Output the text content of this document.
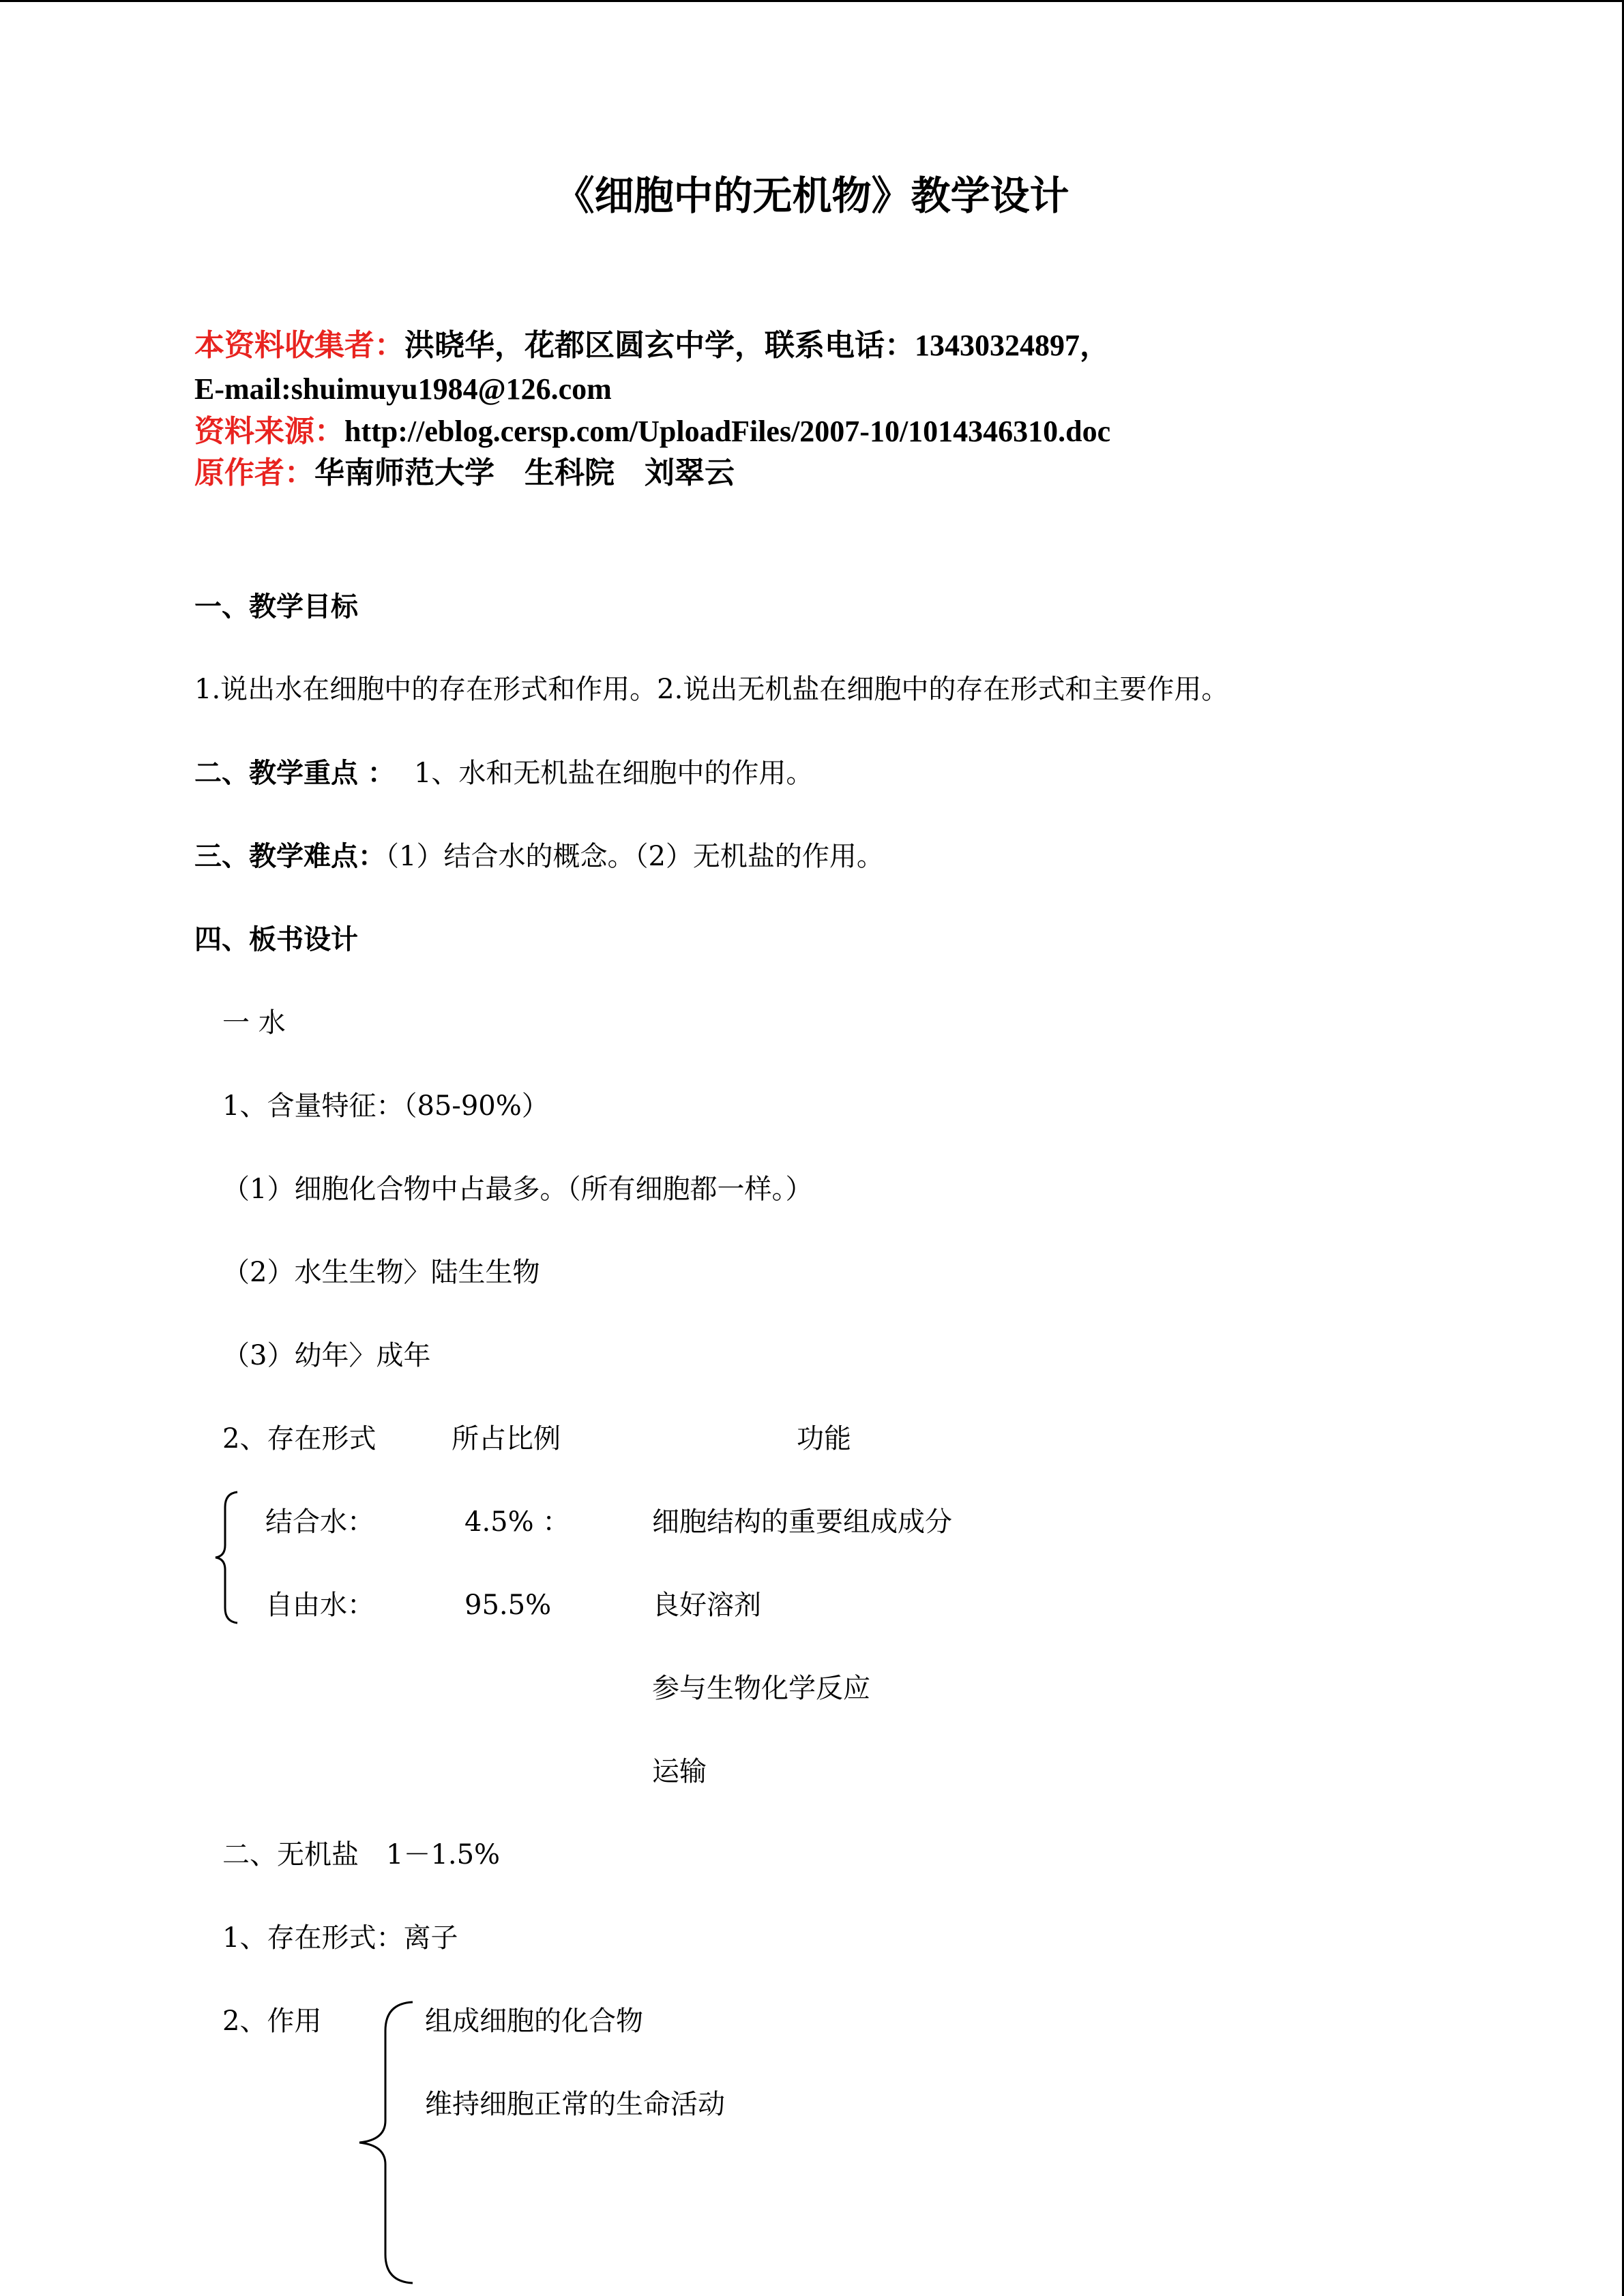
《细胞中的无机物》教学设计
本资料收集者：洪晓华，花都区圆玄中学，联系电话：13430324897，
E-mail:shuimuyu1984@126.com
资料来源：http://eblog.cersp.com/UploadFiles/2007-10/1014346310.doc
原作者：华南师范大学　生科院　刘翠云
一、教学目标
1.说出水在细胞中的存在形式和作用。2.说出无机盐在细胞中的存在形式和主要作用。
二、教学重点 ： 1、水和无机盐在细胞中的作用。
三、教学难点：（1）结合水的概念。（2）无机盐的作用。
四、板书设计
一 水
1、含量特征：（85-90%）
（1）细胞化合物中占最多。（所有细胞都一样。）
（2）水生生物〉陆生生物
（3）幼年〉成年
2、存在形式	所占比例	功能
结合水：	4.5% ：	细胞结构的重要组成成分
自由水：	95.5%	良好溶剂
参与生物化学反应
运输
二、无机盐　1－1.5%
1、存在形式：离子
2、作用	组成细胞的化合物
维持细胞正常的生命活动
